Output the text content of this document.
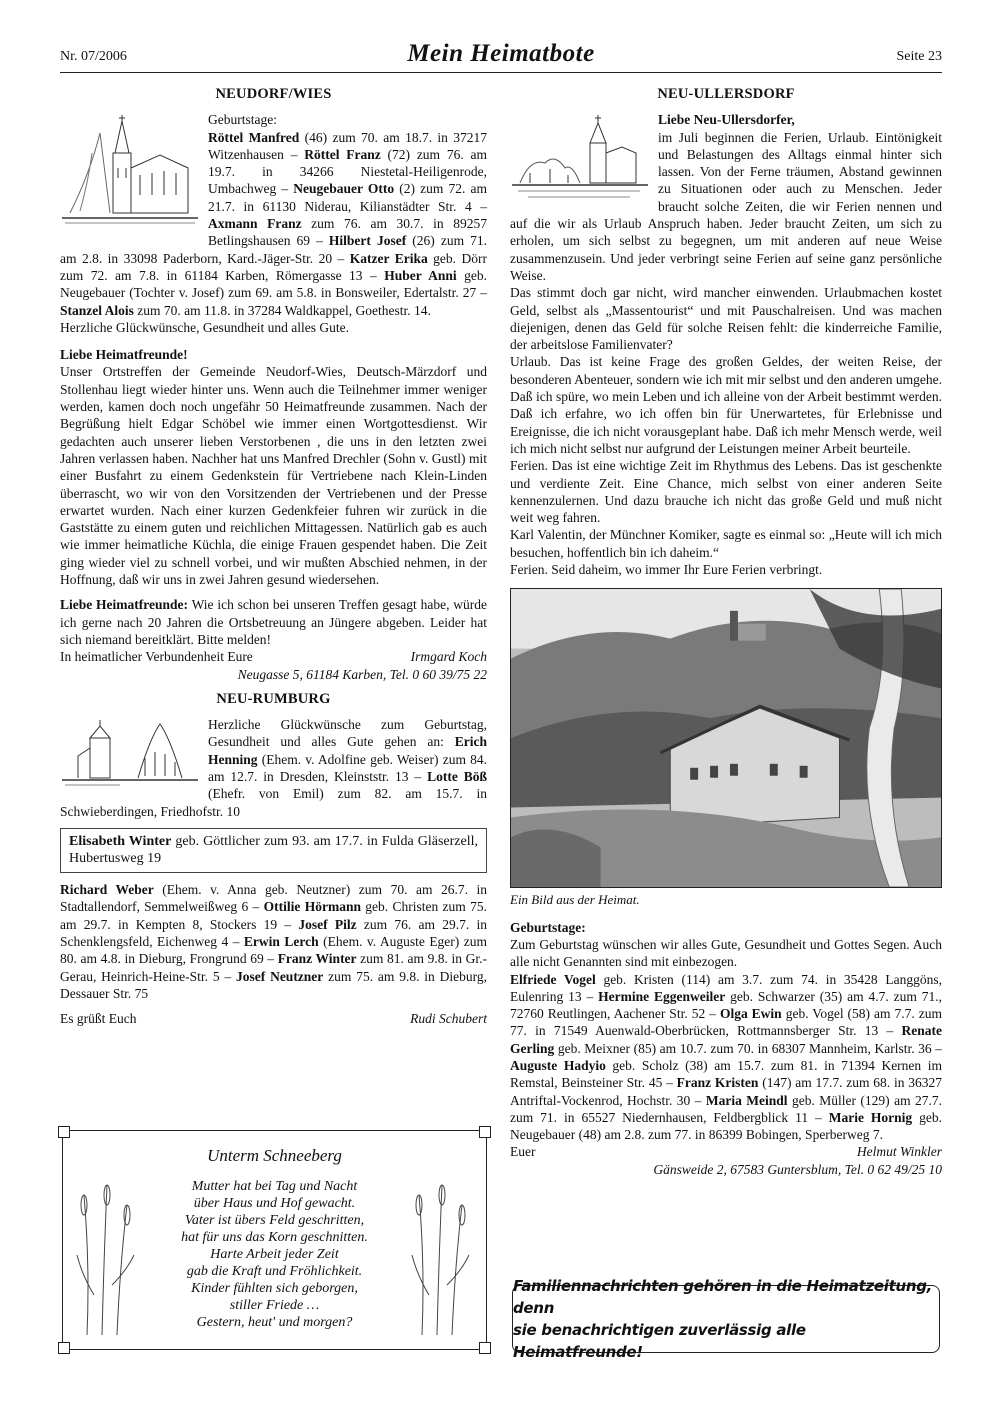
Nr. 07/2006	Mein Heimatbote	Seite 23
NEUDORF/WIES

Geburtstage:
Röttel Manfred (46) zum 70. am 18.7. in 37217 Witzenhausen – Röttel Franz (72) zum 76. am 19.7. in 34266 Niestetal-Heiligenrode, Umbachweg – Neugebauer Otto (2) zum 72. am 21.7. in 61130 Niderau, Kilianstädter Str. 4 – Axmann Franz zum 76. am 30.7. in 89257 Betlingshausen 69 – Hilbert Josef (26) zum 71. am 2.8. in 33098 Paderborn, Kard.-Jäger-Str. 20 – Katzer Erika geb. Dörr zum 72. am 7.8. in 61184 Karben, Römergasse 13 – Huber Anni geb. Neugebauer (Tochter v. Josef) zum 69. am 5.8. in Bonsweiler, Edertalstr. 27 – Stanzel Alois zum 70. am 11.8. in 37284 Waldkappel, Goethestr. 14.

Herzliche Glückwünsche, Gesundheit und alles Gute.

Liebe Heimatfreunde!

Unser Ortstreffen der Gemeinde Neudorf-Wies, Deutsch-Märzdorf und Stollenhau liegt wieder hinter uns. Wenn auch die Teilnehmer immer weniger werden, kamen doch noch ungefähr 50 Heimatfreunde zusammen. Nach der Begrüßung hielt Edgar Schöbel wie immer einen Wortgottesdienst. Wir gedachten auch unserer lieben Verstorbenen , die uns in den letzten zwei Jahren verlassen haben. Nachher hat uns Manfred Drechler (Sohn v. Gustl) mit einer Busfahrt zu einem Gedenkstein für Vertriebene nach Klein-Linden überrascht, wo wir von den Vorsitzenden der Vertriebenen und der Presse erwartet wurden. Nach einer kurzen Gedenkfeier fuhren wir zurück in die Gaststätte zu einem guten und reichlichen Mittagessen. Natürlich gab es auch wie immer heimatliche Küchla, die einige Frauen gespendet haben. Die Zeit ging wieder viel zu schnell vorbei, und wir mußten Abschied nehmen, in der Hoffnung, daß wir uns in zwei Jahren gesund wiedersehen.

Liebe Heimatfreunde: Wie ich schon bei unseren Treffen gesagt habe, würde ich gerne nach 20 Jahren die Ortsbetreuung an Jüngere abgeben. Leider hat sich niemand bereitklärt. Bitte melden!

In heimatlicher Verbundenheit Eure	Irmgard Koch

Neugasse 5, 61184 Karben, Tel. 0 60 39/75 22

NEU-RUMBURG

Herzliche Glückwünsche zum Geburtstag, Gesundheit und alles Gute gehen an: Erich Henning (Ehem. v. Adolfine geb. Weiser) zum 84. am 12.7. in Dresden, Kleinststr. 13 – Lotte Böß (Ehefr. von Emil) zum 82. am 15.7. in Schwieberdingen, Friedhofstr. 10

Elisabeth Winter geb. Göttlicher zum 93. am 17.7. in Fulda Gläserzell, Hubertusweg 19

Richard Weber (Ehem. v. Anna geb. Neutzner) zum 70. am 26.7. in Stadtallendorf, Semmelweißweg 6 – Ottilie Hörmann geb. Christen zum 75. am 29.7. in Kempten 8, Stockers 19 – Josef Pilz zum 76. am 29.7. in Schenklengsfeld, Eichenweg 4 – Erwin Lerch (Ehem. v. Auguste Eger) zum 80. am 4.8. in Dieburg, Frongrund 69 – Franz Winter zum 81. am 9.8. in Gr.-Gerau, Heinrich-Heine-Str. 5 – Josef Neutzner zum 75. am 9.8. in Dieburg, Dessauer Str. 75

Es grüßt Euch	Rudi Schubert
Unterm Schneeberg
Mutter hat bei Tag und Nacht
über Haus und Hof gewacht.
Vater ist übers Feld geschritten,
hat für uns das Korn geschnitten.
Harte Arbeit jeder Zeit
gab die Kraft und Fröhlichkeit.
Kinder fühlten sich geborgen,
stiller Friede …
Gestern, heut' und morgen?
NEU-ULLERSDORF

Liebe Neu-Ullersdorfer,

im Juli beginnen die Ferien, Urlaub. Eintönigkeit und Belastungen des Alltags einmal hinter sich lassen. Von der Ferne träumen, Abstand gewinnen zu Situationen oder auch zu Menschen. Jeder braucht solche Zeiten, die wir Ferien nennen und auf die wir als Urlaub Anspruch haben. Jeder braucht Zeiten, um sich zu erholen, um sich selbst zu begegnen, um mit anderen auf neue Weise zusammenzusein. Und jeder verbringt seine Ferien auf seine ganz persönliche Weise.

Das stimmt doch gar nicht, wird mancher einwenden. Urlaubmachen kostet Geld, selbst als „Massentourist“ und mit Pauschalreisen. Und was machen diejenigen, denen das Geld für solche Reisen fehlt: die kinderreiche Familie, der arbeitslose Familienvater?

Urlaub. Das ist keine Frage des großen Geldes, der weiten Reise, der besonderen Abenteuer, sondern wie ich mit mir selbst und den anderen umgehe. Daß ich spüre, wo mein Leben und ich alleine von der Arbeit bestimmt werden. Daß ich erfahre, wo ich offen bin für Unerwartetes, für Erlebnisse und Ereignisse, die ich nicht vorausgeplant habe. Daß ich mehr Mensch werde, weil ich mich nicht selbst nur aufgrund der Leistungen meiner Arbeit beurteile.

Ferien. Das ist eine wichtige Zeit im Rhythmus des Lebens. Das ist geschenkte und verdiente Zeit. Eine Chance, mich selbst von einer anderen Seite kennenzulernen. Und dazu brauche ich nicht das große Geld und muß nicht weit weg fahren.

Karl Valentin, der Münchner Komiker, sagte es einmal so: „Heute will ich mich besuchen, hoffentlich bin ich daheim.“

Ferien. Seid daheim, wo immer Ihr Eure Ferien verbringt.

Ein Bild aus der Heimat.

Geburtstage:

Zum Geburtstag wünschen wir alles Gute, Gesundheit und Gottes Segen. Auch alle nicht Genannten sind mit einbezogen.

Elfriede Vogel geb. Kristen (114) am 3.7. zum 74. in 35428 Langgöns, Eulenring 13 – Hermine Eggenweiler geb. Schwarzer (35) am 4.7. zum 71., 72760 Reutlingen, Aachener Str. 52 – Olga Ewin geb. Vogel (58) am 7.7. zum 77. in 71549 Auenwald-Oberbrücken, Rottmannsberger Str. 13 – Renate Gerling geb. Meixner (85) am 10.7. zum 70. in 68307 Mannheim, Karlstr. 36 – Auguste Hadyio geb. Scholz (38) am 15.7. zum 81. in 71394 Kernen im Remstal, Beinsteiner Str. 45 – Franz Kristen (147) am 17.7. zum 68. in 36327 Antriftal-Vockenrod, Hochstr. 30 – Maria Meindl geb. Müller (129) am 27.7. zum 71. in 65527 Niedernhausen, Feldbergblick 11 – Marie Hornig geb. Neugebauer (48) am 2.8. zum 77. in 86399 Bobingen, Sperberweg 7.

Euer	Helmut Winkler

Gänsweide 2, 67583 Guntersblum, Tel. 0 62 49/25 10

Familiennachrichten gehören in die Heimatzeitung, denn
sie benachrichtigen zuverlässig alle Heimatfreunde!
